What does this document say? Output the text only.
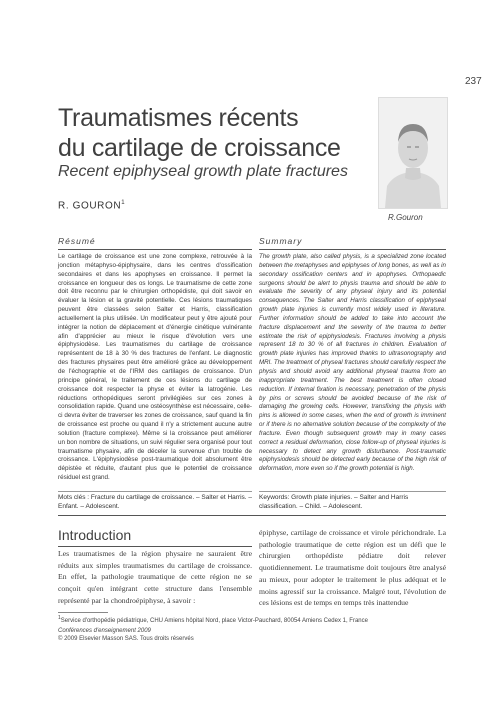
237
Traumatismes récents
du cartilage de croissance
Recent epiphyseal growth plate fractures
R. GOURON$^1$
R.Gouron
Résumé
Le cartilage de croissance est une zone complexe, retrouvée à la jonction métaphyso-épiphysaire, dans les centres d'ossification secondaires et dans les apophyses en croissance. Il permet la croissance en longueur des os longs. Le traumatisme de cette zone doit être reconnu par le chirurgien orthopédiste, qui doit savoir en évaluer la lésion et la gravité potentielle. Ces lésions traumatiques peuvent être classées selon Salter et Harris, classification actuellement la plus utilisée. Un modificateur peut y être ajouté pour intégrer la notion de déplacement et d'énergie cinétique vulnérante afin d'apprécier au mieux le risque d'évolution vers une épiphysiodèse. Les traumatismes du cartilage de croissance représentent de 18 à 30 % des fractures de l'enfant. Le diagnostic des fractures physaires peut être amélioré grâce au développement de l'échographie et de l'IRM des cartilages de croissance. D'un principe général, le traitement de ces lésions du cartilage de croissance doit respecter la physe et éviter la latrogénie. Les réductions orthopédiques seront privilégiées sur ces zones à consolidation rapide. Quand une ostéosynthèse est nécessaire, celle-ci devra éviter de traverser les zones de croissance, sauf quand la fin de croissance est proche ou quand il n'y a strictement aucune autre solution (fracture complexe). Même si la croissance peut améliorer un bon nombre de situations, un suivi régulier sera organisé pour tout traumatisme physaire, afin de déceler la survenue d'un trouble de croissance. L'épiphysiodèse post-traumatique doit absolument être dépistée et réduite, d'autant plus que le potentiel de croissance résiduel est grand.
Summary
The growth plate, also called physis, is a specialized zone located between the metaphyses and epiphyses of long bones, as well as in secondary ossification centers and in apophyses. Orthopaedic surgeons should be alert to physis trauma and should be able to evaluate the severity of any physeal injury and its potential consequences. The Salter and Harris classification of epiphyseal growth plate injuries is currently most widely used in literature. Further information should be added to take into account the fracture displacement and the severity of the trauma to better estimate the risk of epiphysiodesis. Fractures involving a physis represent 18 to 30 % of all fractures in children. Evaluation of growth plate injuries has improved thanks to ultrasonography and MRI. The treatment of physeal fractures should carefully respect the physis and should avoid any additional physeal trauma from an inappropriate treatment. The best treatment is often closed reduction. If internal fixation is necessary, penetration of the physis by pins or screws should be avoided because of the risk of damaging the growing cells. However, transfixing the physis with pins is allowed in some cases, when the end of growth is imminent or if there is no alternative solution because of the complexity of the fracture. Even though subsequent growth may in many cases correct a residual deformation, close follow-up of physeal injuries is necessary to detect any growth disturbance. Post-traumatic epiphysiodesis should be detected early because of the high risk of deformation, more even so if the growth potential is high.
Mots clés : Fracture du cartilage de croissance. – Salter et Harris. – Enfant. – Adolescent.
Keywords: Growth plate injuries. – Salter and Harris classification. – Child. – Adolescent.
Introduction
Les traumatismes de la région physaire ne sauraient être réduits aux simples traumatismes du cartilage de croissance. En effet, la pathologie traumatique de cette région ne se conçoit qu'en intégrant cette structure dans l'ensemble représenté par la chondroépiphyse, à savoir :
épiphyse, cartilage de croissance et virole périchondrale. La pathologie traumatique de cette région est un défi que le chirurgien orthopédiste pédiatre doit relever quotidiennement. Le traumatisme doit toujours être analysé au mieux, pour adopter le traitement le plus adéquat et le moins agressif sur la croissance. Malgré tout, l'évolution de ces lésions est de temps en temps très inattendue
$^1$Service d'orthopédie pédiatrique, CHU Amiens hôpital Nord, place Victor-Pauchard, 80054 Amiens Cedex 1, France
Conférences d'enseignement 2009
© 2009 Elsevier Masson SAS. Tous droits réservés
